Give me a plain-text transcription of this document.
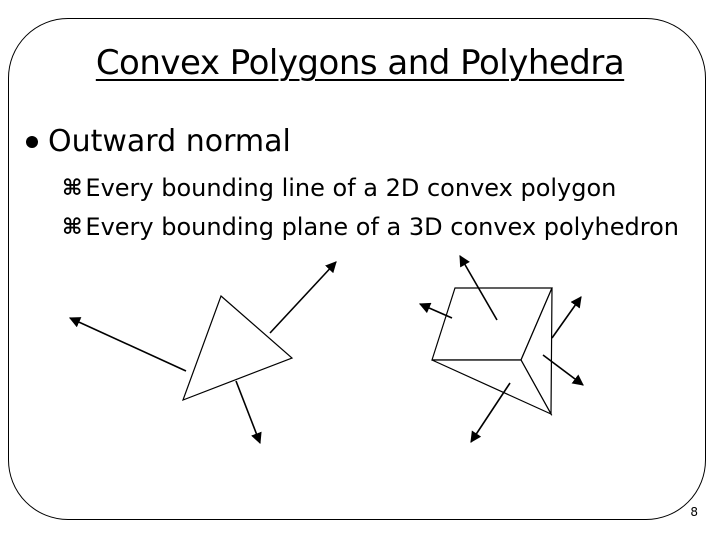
Convex Polygons and Polyhedra
Outward normal
⌘ Every bounding line of a 2D convex polygon
⌘ Every bounding plane of a 3D convex polyhedron
8
